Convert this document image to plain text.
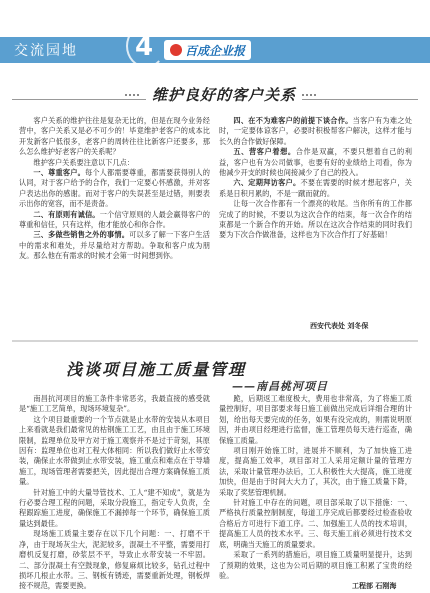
交流园地 4	百成企业报
维护良好的客户关系

客户关系的维护往往是复杂无比的，但是在现今业务经营中，客户关系又是必不可少的！毕竟维护老客户的成本比开发新客户低很多，老客户的周转往往比新客户还要多，那么怎么维护好老客户的关系呢？

维护客户关系要注意以下几点：

一、尊重客户。每个人都需要尊重，都需要获得别人的认同，对于客户给予的合作，我们一定要心怀感激，并对客户表达出你的感谢。而对于客户的失误甚至是过错，则要表示出你的宽容，而不是责备。

二、有原则有诚信。一个信守原则的人最会赢得客户的尊重和信任，只有这样，他才能放心和你合作。

三、多做些销售之外的事情。可以多了解一下客户生活中的需求和难处，并尽量给对方帮助。争取和客户成为朋友。那么他在有需求的时候才会第一时间想到你。

四、在不为难客户的前提下谈合作。当客户有为难之处时，一定要体谅客户，必要时积极帮客户解决，这样才能与长久的合作做好保障。

五、营客户着想。合作是双赢，不要只想着自己的利益，客户也有为公司做事，也要有好的业绩给上司看，你为他减少开支的时候也间接减少了自己的投入。

六、定期拜访客户。不要在需要的时候才想起客户，关系是日积月累的，不是一蹴而就的。

让每一次合作都有一个漂亮的收尾。当你所有的工作都完成了的时候，不要以为这次合作的结束，每一次合作的结束都是一个新合作的开始。所以在这次合作结束的同时我们要为下次合作做准备，这样也为下次合作打了好基础！

西安代表处 刘冬保
浅谈项目施工质量管理
——南昌桃河项目

南昌抗河项目的施工条件非常恶劣，我最直接的感受就是“施工工艺简单，现场环境复杂”。

这个项目最重要的一个节点就是止水带的安装从本项目上来看就是我们最常见的枯钢施工工艺，由且由于施工环境限制，监理单位及甲方对于施工观察并不是过于苛刻，其原因有：监理单位也对工程大体相同：所以我们做好止水带安装，确保止水带做到止水带安装，施工重点和难点在于导墙施工，现场管理者需要把关，因此提出合理方案确保施工质量。

针对施工中的大量导管技术、工人“建不知成”，就是为行必要合理工程的问题，采取分段施工，指定专人负责，全程跟踪施工进度，确保施工不漏掉每一个环节，确保施工质量达到最佳。

现场施工质量主要存在以下几个问题：一、打磨不干净，由于现场灰尘大，泥泥较多，混凝土不平整，需要用打磨机反复打磨，砂浆层不平，导致止水带安装一不牢固。二、部分混凝土有空鼓现象，修复麻烦比较多，钻孔过程中损坏几根止水带。三、钢板有锈迹，需要重新处理，钢板焊接不规范，需要更换。

跪，后期返工难度极大，费用也非常高，为了将施工质量控制好，项目部要求每日施工前做出完成后详细合理的计划，给出每天要完成的任务，如果有没完成的，则需说明原因，并由项目经理进行监督，施工管理员每天进行巡查，确保施工质量。

项目刚开始施工时，进展并不顺利，为了加快施工进度，提高施工效率，项目部对工人采用定额计量的管理方法，采取计量管理办法后，工人积极性大大提高，施工进度加快，但是由于时间大大力了，其次，由于施工质量下降，采取了奖惩管理机制。

针对施工中存在的问题，项目部采取了以下措施：一、严格执行质量控制制度，每道工序完成后都要经过检查验收合格后方可进行下道工序。二、加强施工人员的技术培训，提高施工人员的技术水平。三、每天施工前必须进行技术交底，明确当天施工的质量要求。

采取了一系列的措施后，项目施工质量明显提升，达到了预期的效果，这也为公司后期的项目施工积累了宝贵的经验。

工程部 石刚海
